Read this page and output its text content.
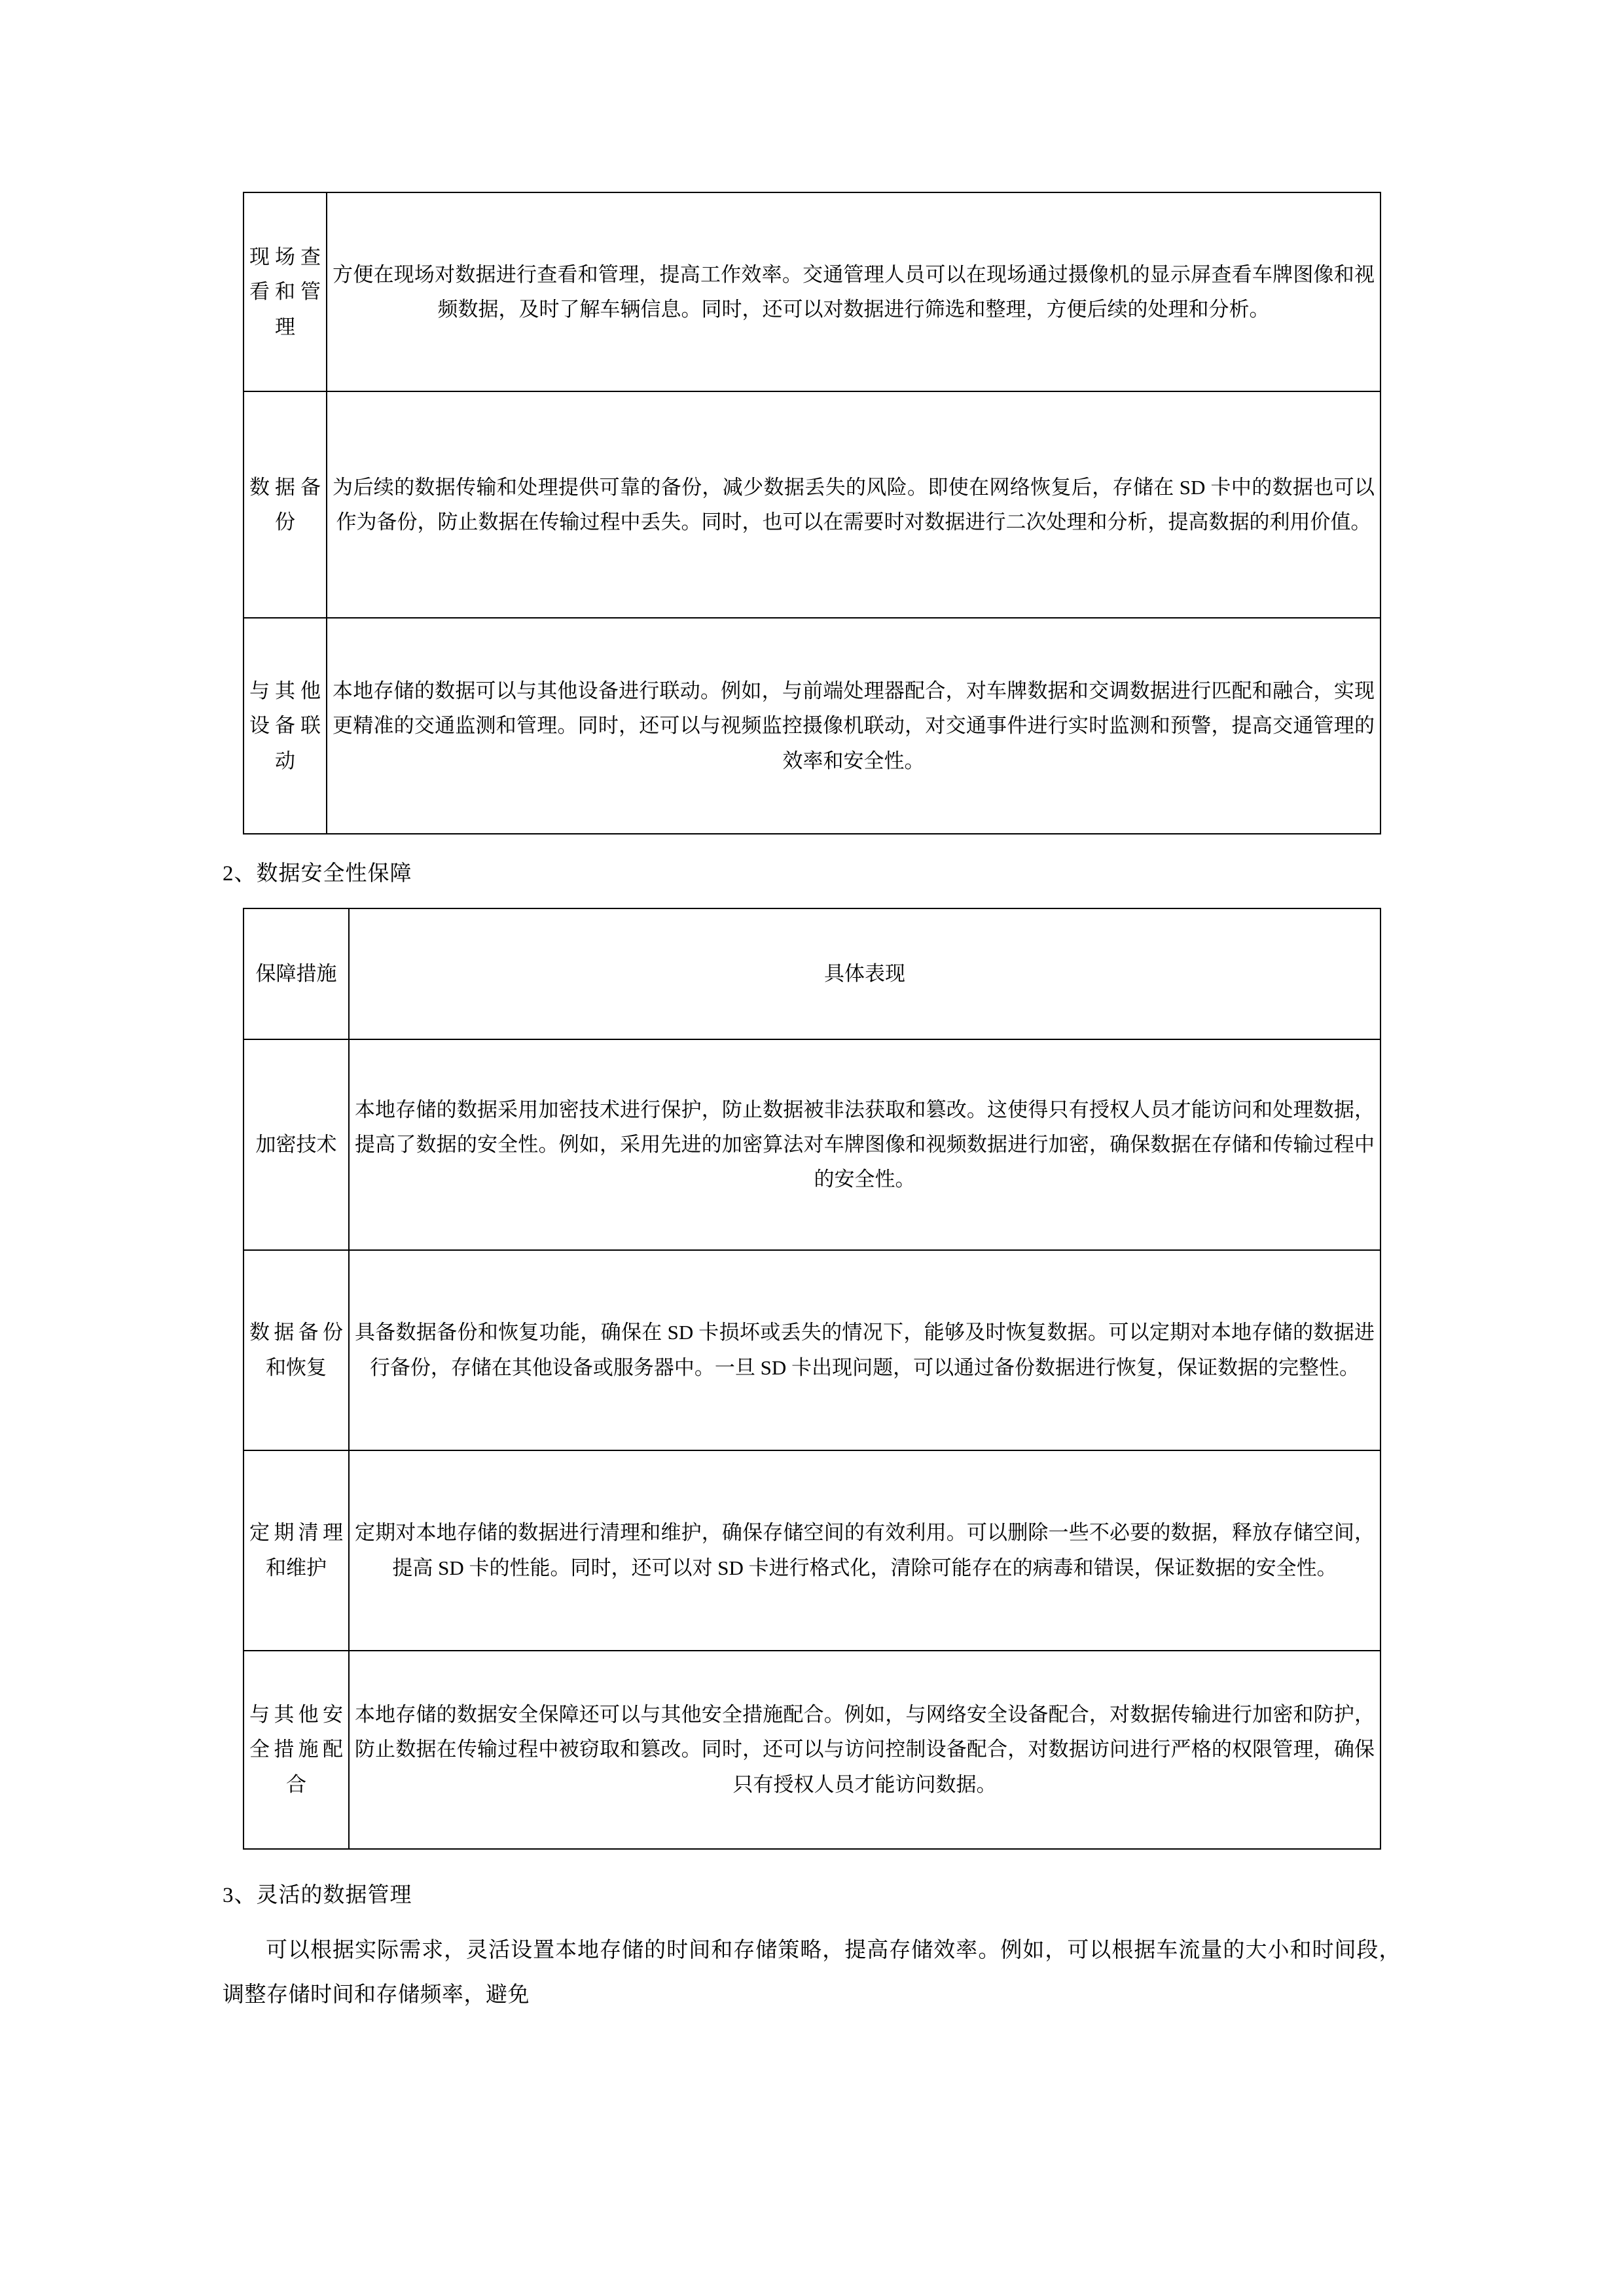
现场查看和管理	方便在现场对数据进行查看和管理，提高工作效率。交通管理人员可以在现场通过摄像机的显示屏查看车牌图像和视频数据，及时了解车辆信息。同时，还可以对数据进行筛选和整理，方便后续的处理和分析。
数据备份	为后续的数据传输和处理提供可靠的备份，减少数据丢失的风险。即使在网络恢复后，存储在 SD 卡中的数据也可以作为备份，防止数据在传输过程中丢失。同时，也可以在需要时对数据进行二次处理和分析，提高数据的利用价值。
与其他设备联动	本地存储的数据可以与其他设备进行联动。例如，与前端处理器配合，对车牌数据和交调数据进行匹配和融合，实现更精准的交通监测和管理。同时，还可以与视频监控摄像机联动，对交通事件进行实时监测和预警，提高交通管理的效率和安全性。

2、数据安全性保障

保障措施	具体表现
加密技术	本地存储的数据采用加密技术进行保护，防止数据被非法获取和篡改。这使得只有授权人员才能访问和处理数据，提高了数据的安全性。例如，采用先进的加密算法对车牌图像和视频数据进行加密，确保数据在存储和传输过程中的安全性。
数据备份和恢复	具备数据备份和恢复功能，确保在 SD 卡损坏或丢失的情况下，能够及时恢复数据。可以定期对本地存储的数据进行备份，存储在其他设备或服务器中。一旦 SD 卡出现问题，可以通过备份数据进行恢复，保证数据的完整性。
定期清理和维护	定期对本地存储的数据进行清理和维护，确保存储空间的有效利用。可以删除一些不必要的数据，释放存储空间，提高 SD 卡的性能。同时，还可以对 SD 卡进行格式化，清除可能存在的病毒和错误，保证数据的安全性。
与其他安全措施配合	本地存储的数据安全保障还可以与其他安全措施配合。例如，与网络安全设备配合，对数据传输进行加密和防护，防止数据在传输过程中被窃取和篡改。同时，还可以与访问控制设备配合，对数据访问进行严格的权限管理，确保只有授权人员才能访问数据。

3、灵活的数据管理

可以根据实际需求，灵活设置本地存储的时间和存储策略，提高存储效率。例如，可以根据车流量的大小和时间段，调整存储时间和存储频率，避免
